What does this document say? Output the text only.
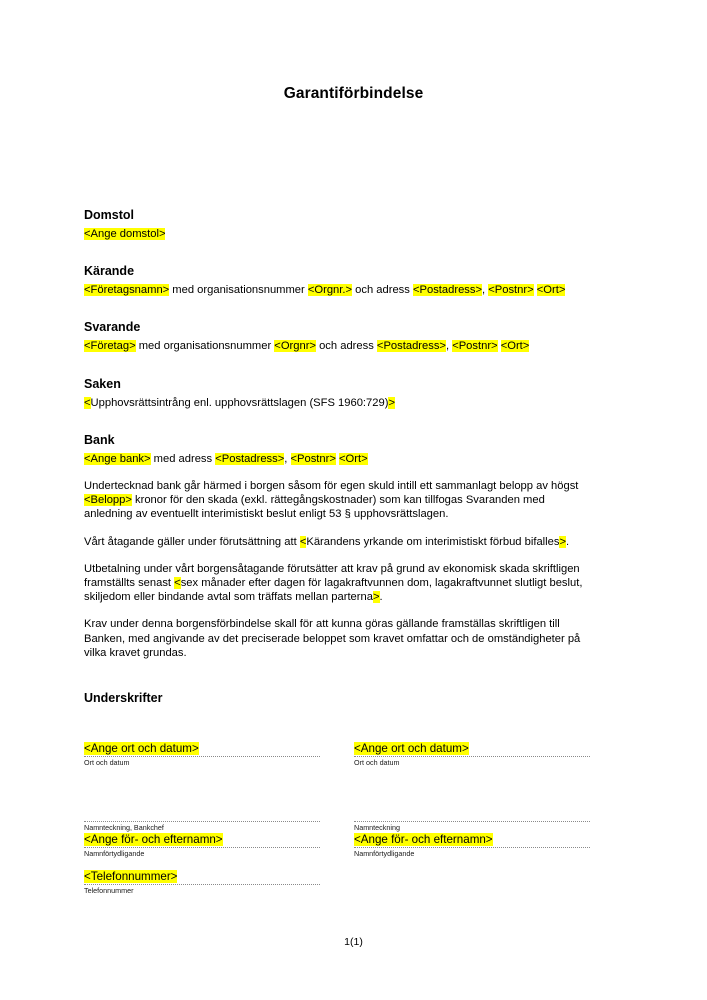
Garantiförbindelse
Domstol
<Ange domstol>
Kärande
<Företagsnamn> med organisationsnummer <Orgnr.> och adress <Postadress>, <Postnr> <Ort>
Svarande
<Företag> med organisationsnummer <Orgnr> och adress <Postadress>, <Postnr> <Ort>
Saken
<Upphovsrättsintrång enl. upphovsrättslagen (SFS 1960:729)>
Bank
<Ange bank> med adress <Postadress>, <Postnr> <Ort>
Undertecknad bank går härmed i borgen såsom för egen skuld intill ett sammanlagt belopp av högst <Belopp> kronor för den skada (exkl. rättegångskostnader) som kan tillfogas Svaranden med anledning av eventuellt interimistiskt beslut enligt 53 § upphovsrättslagen.
Vårt åtagande gäller under förutsättning att <Kärandens yrkande om interimistiskt förbud bifalles>.
Utbetalning under vårt borgensåtagande förutsätter att krav på grund av ekonomisk skada skriftligen framställts senast <sex månader efter dagen för lagakraftvunnen dom, lagakraftvunnet slutligt beslut, skiljedom eller bindande avtal som träffats mellan parterna>.
Krav under denna borgensförbindelse skall för att kunna göras gällande framställas skriftligen till Banken, med angivande av det preciserade beloppet som kravet omfattar och de omständigheter på vilka kravet grundas.
Underskrifter
<Ange ort och datum>
Ort och datum
<Ange ort och datum>
Ort och datum
Namnteckning, Bankchef
<Ange för- och efternamn>
Namnförtydligande
<Telefonnummer>
Telefonnummer
Namnteckning
<Ange för- och efternamn>
Namnförtydligande
1(1)
